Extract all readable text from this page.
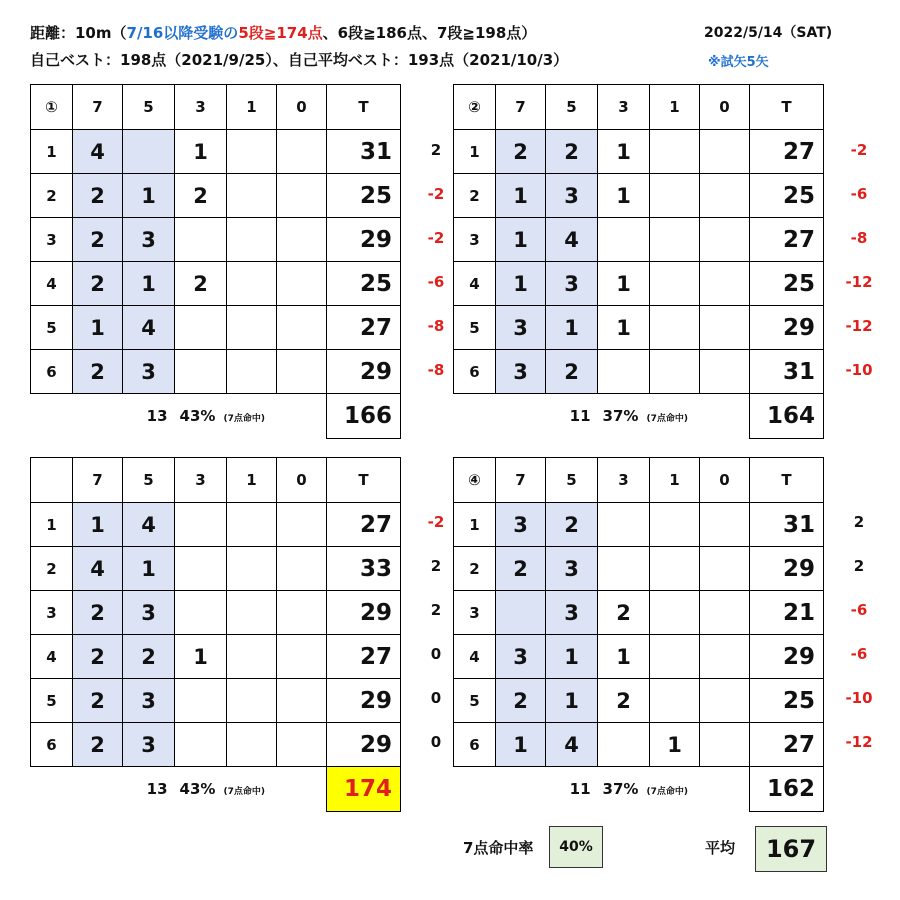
距離：10m（7/16以降受験の5段≧174点、6段≧186点、7段≧198点）
自己ベスト：198点（2021/9/25）、自己平均ベスト：193点（2021/10/3）
2022/5/14（SAT)
※試矢5矢
①	7	5	3	1	0	T
1	4		1			31
2	2	1	2			25
3	2	3				29
4	2	1	2			25
5	1	4				27
6	2	3				29
13 43% (7点命中)						166
2
-2
-2
-6
-8
-8
②	7	5	3	1	0	T
1	2	2	1			27
2	1	3	1			25
3	1	4				27
4	1	3	1			25
5	3	1	1			29
6	3	2				31
11 37% (7点命中)						164
-2
-6
-8
-12
-12
-10
	7	5	3	1	0	T
1	1	4				27
2	4	1				33
3	2	3				29
4	2	2	1			27
5	2	3				29
6	2	3				29
13 43% (7点命中)						174
-2
2
2
0
0
0
④	7	5	3	1	0	T
1	3	2				31
2	2	3				29
3		3	2			21
4	3	1	1			29
5	2	1	2			25
6	1	4		1		27
11 37% (7点命中)						162
2
2
-6
-6
-10
-12
7点命中率	40%	平均	167
